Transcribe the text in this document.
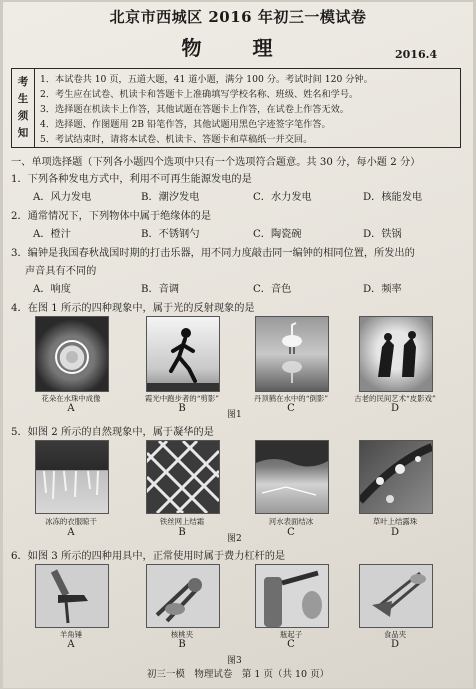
北京市西城区 2016 年初三一模试卷
物 理	2016.4
考
生
须
知
1．本试卷共 10 页，五道大题，41 道小题，满分 100 分。考试时间 120 分钟。
2．考生应在试卷、机读卡和答题卡上准确填写学校名称、班级、姓名和学号。
3．选择题在机读卡上作答，其他试题在答题卡上作答，在试卷上作答无效。
4．选择题、作图题用 2B 铅笔作答，其他试题用黑色字迹签字笔作答。
5．考试结束时，请将本试卷、机读卡、答题卡和草稿纸一并交回。
一、单项选择题（下列各小题四个选项中只有一个选项符合题意。共 30 分，每小题 2 分）
1．下列各种发电方式中，利用不可再生能源发电的是
A．风力发电	B．潮汐发电	C．水力发电	D．核能发电
2．通常情况下，下列物体中属于绝缘体的是
A．橙汁	B．不锈钢勺	C．陶瓷碗	D．铁锅
3．编钟是我国春秋战国时期的打击乐器，用不同力度敲击同一编钟的相同位置，所发出的
声音具有不同的
A．响度	B．音调	C．音色	D．频率
4．在图 1 所示的四种现象中，属于光的反射现象的是
花朵在水珠中成像	霞光中跑步者的“剪影”	丹顶鹤在水中的“倒影”	古老的民间艺术“皮影戏”
A	B
图1
C	D
5．如图 2 所示的自然现象中，属于凝华的是
冰冻的衣服晾干	铁丝网上结霜	河水表面结冰	草叶上结露珠
A	B
图2
C	D
6．如图 3 所示的四种用具中，正常使用时属于费力杠杆的是
羊角锤	核桃夹	瓶起子	食品夹
A	B	C	D
图3
初三一模　物理试卷　第 1 页（共 10 页）
